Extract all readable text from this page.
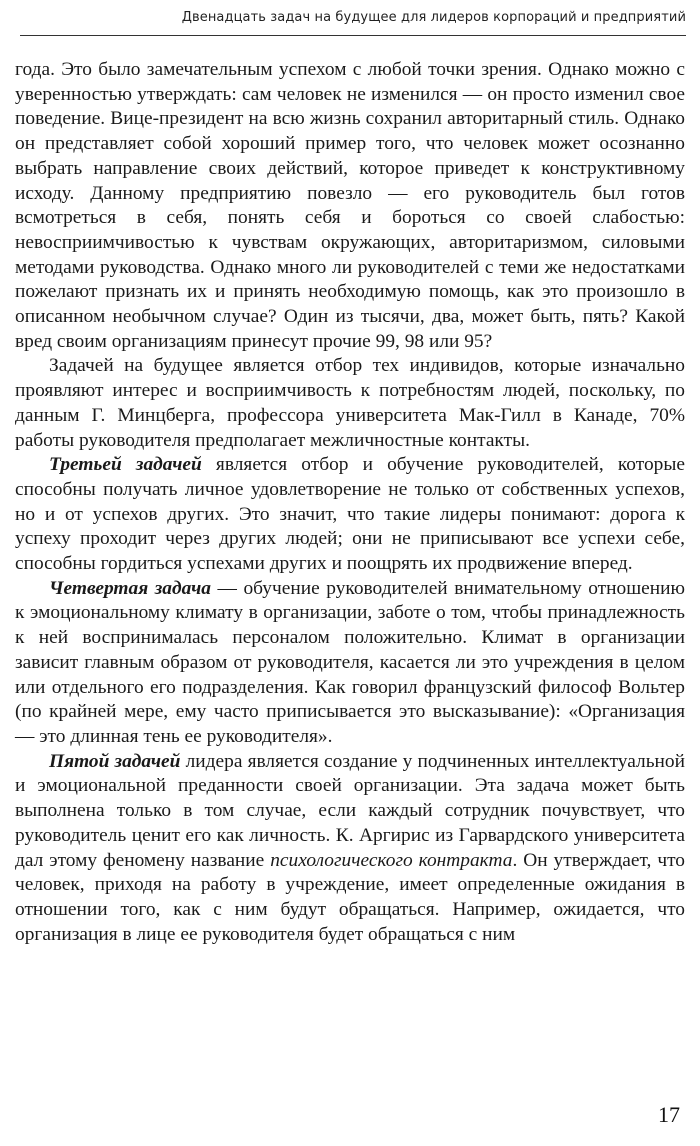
Двенадцать задач на будущее для лидеров корпораций и предприятий

года. Это было замечательным успехом с любой точки зрения. Однако можно с уверенностью утверждать: сам человек не изменился — он просто изменил свое поведение. Вице-президент на всю жизнь сохранил авторитарный стиль. Однако он представляет собой хороший пример того, что человек может осознанно выбрать направление своих действий, которое приведет к конструктивному исходу. Данному предприятию повезло — его руководитель был готов всмотреться в себя, понять себя и бороться со своей слабостью: невосприимчивостью к чувствам окружающих, авторитаризмом, силовыми методами руководства. Однако много ли руководителей с теми же недостатками пожелают признать их и принять необходимую помощь, как это произошло в описанном необычном случае? Один из тысячи, два, может быть, пять? Какой вред своим организациям принесут прочие 99, 98 или 95?

Задачей на будущее является отбор тех индивидов, которые изначально проявляют интерес и восприимчивость к потребностям людей, поскольку, по данным Г. Минцберга, профессора университета Мак-Гилл в Канаде, 70% работы руководителя предполагает межличностные контакты.

Третьей задачей является отбор и обучение руководителей, которые способны получать личное удовлетворение не только от собственных успехов, но и от успехов других. Это значит, что такие лидеры понимают: дорога к успеху проходит через других людей; они не приписывают все успехи себе, способны гордиться успехами других и поощрять их продвижение вперед.

Четвертая задача — обучение руководителей внимательному отношению к эмоциональному климату в организации, заботе о том, чтобы принадлежность к ней воспринималась персоналом положительно. Климат в организации зависит главным образом от руководителя, касается ли это учреждения в целом или отдельного его подразделения. Как говорил французский философ Вольтер (по крайней мере, ему часто приписывается это высказывание): «Организация — это длинная тень ее руководителя».

Пятой задачей лидера является создание у подчиненных интеллектуальной и эмоциональной преданности своей организации. Эта задача может быть выполнена только в том случае, если каждый сотрудник почувствует, что руководитель ценит его как личность. К. Аргирис из Гарвардского университета дал этому феномену название психологического контракта. Он утверждает, что человек, приходя на работу в учреждение, имеет определенные ожидания в отношении того, как с ним будут обращаться. Например, ожидается, что организация в лице ее руководителя будет обращаться с ним

17
